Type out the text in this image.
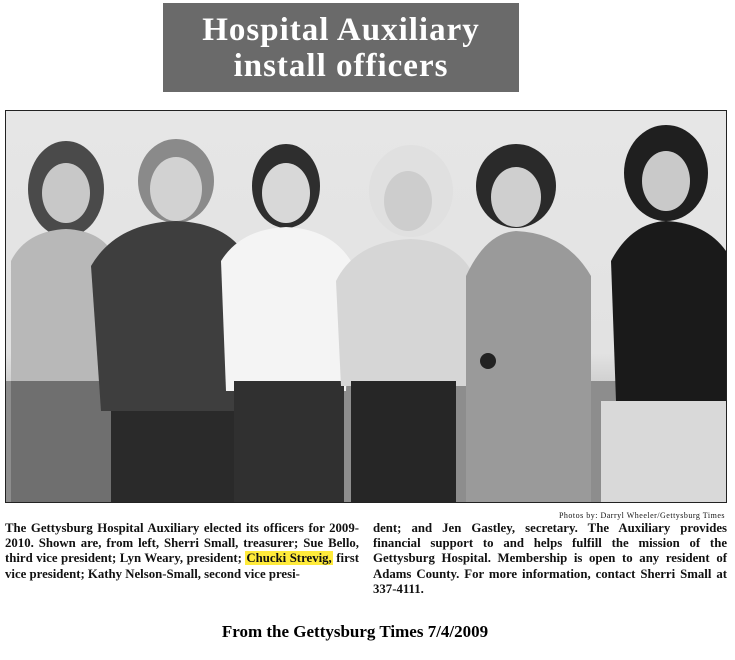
Hospital Auxiliary
install officers
Photos by: Darryl Wheeler/Gettysburg Times
The Gettysburg Hospital Auxiliary elected its officers for 2009-2010. Shown are, from left, Sherri Small, treasurer; Sue Bello, third vice president; Lyn Weary, president; Chucki Strevig, first vice president; Kathy Nelson-Small, second vice presi-
dent; and Jen Gastley, secretary. The Auxiliary provides financial support to and helps fulfill the mission of the Gettysburg Hospital. Membership is open to any resident of Adams County. For more information, contact Sherri Small at 337-4111.
From the Gettysburg Times 7/4/2009
